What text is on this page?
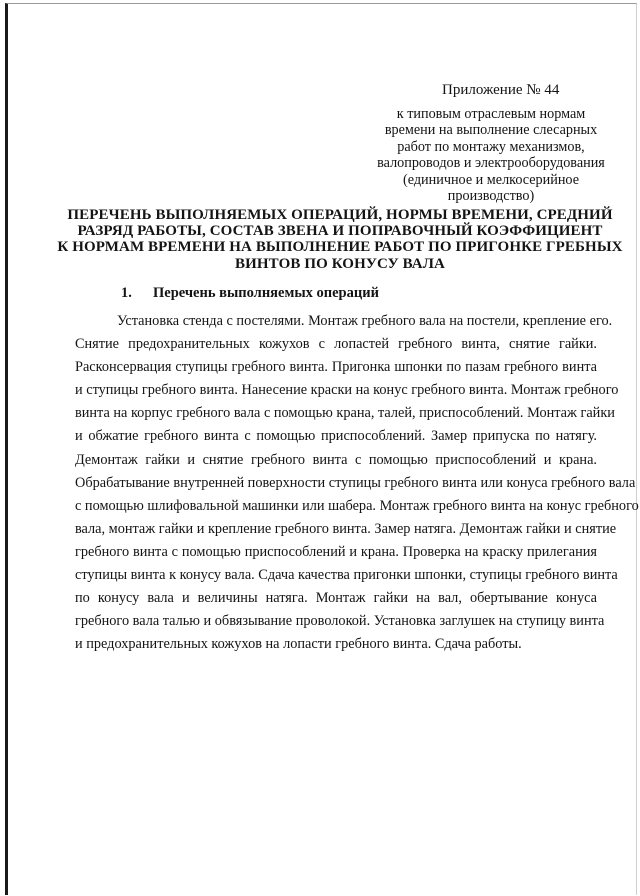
Приложение № 44
к типовым отраслевым нормам
времени на выполнение слесарных
работ по монтажу механизмов,
валопроводов и электрооборудования
(единичное и мелкосерийное
производство)
ПЕРЕЧЕНЬ ВЫПОЛНЯЕМЫХ ОПЕРАЦИЙ, НОРМЫ ВРЕМЕНИ, СРЕДНИЙ
РАЗРЯД РАБОТЫ, СОСТАВ ЗВЕНА И ПОПРАВОЧНЫЙ КОЭФФИЦИЕНТ
К НОРМАМ ВРЕМЕНИ НА ВЫПОЛНЕНИЕ РАБОТ ПО ПРИГОНКЕ ГРЕБНЫХ
ВИНТОВ ПО КОНУСУ ВАЛА
1. Перечень выполняемых операций
Установка стенда с постелями. Монтаж гребного вала на постели, крепление его.
Снятие предохранительных кожухов с лопастей гребного винта, снятие гайки.
Расконсервация ступицы гребного винта. Пригонка шпонки по пазам гребного винта
и ступицы гребного винта. Нанесение краски на конус гребного винта. Монтаж гребного
винта на корпус гребного вала с помощью крана, талей, приспособлений. Монтаж гайки
и обжатие гребного винта с помощью приспособлений. Замер припуска по натягу.
Демонтаж гайки и снятие гребного винта с помощью приспособлений и крана.
Обрабатывание внутренней поверхности ступицы гребного винта или конуса гребного вала
с помощью шлифовальной машинки или шабера. Монтаж гребного винта на конус гребного
вала, монтаж гайки и крепление гребного винта. Замер натяга. Демонтаж гайки и снятие
гребного винта с помощью приспособлений и крана. Проверка на краску прилегания
ступицы винта к конусу вала. Сдача качества пригонки шпонки, ступицы гребного винта
по конусу вала и величины натяга. Монтаж гайки на вал, обертывание конуса
гребного вала талью и обвязывание проволокой. Установка заглушек на ступицу винта
и предохранительных кожухов на лопасти гребного винта. Сдача работы.
